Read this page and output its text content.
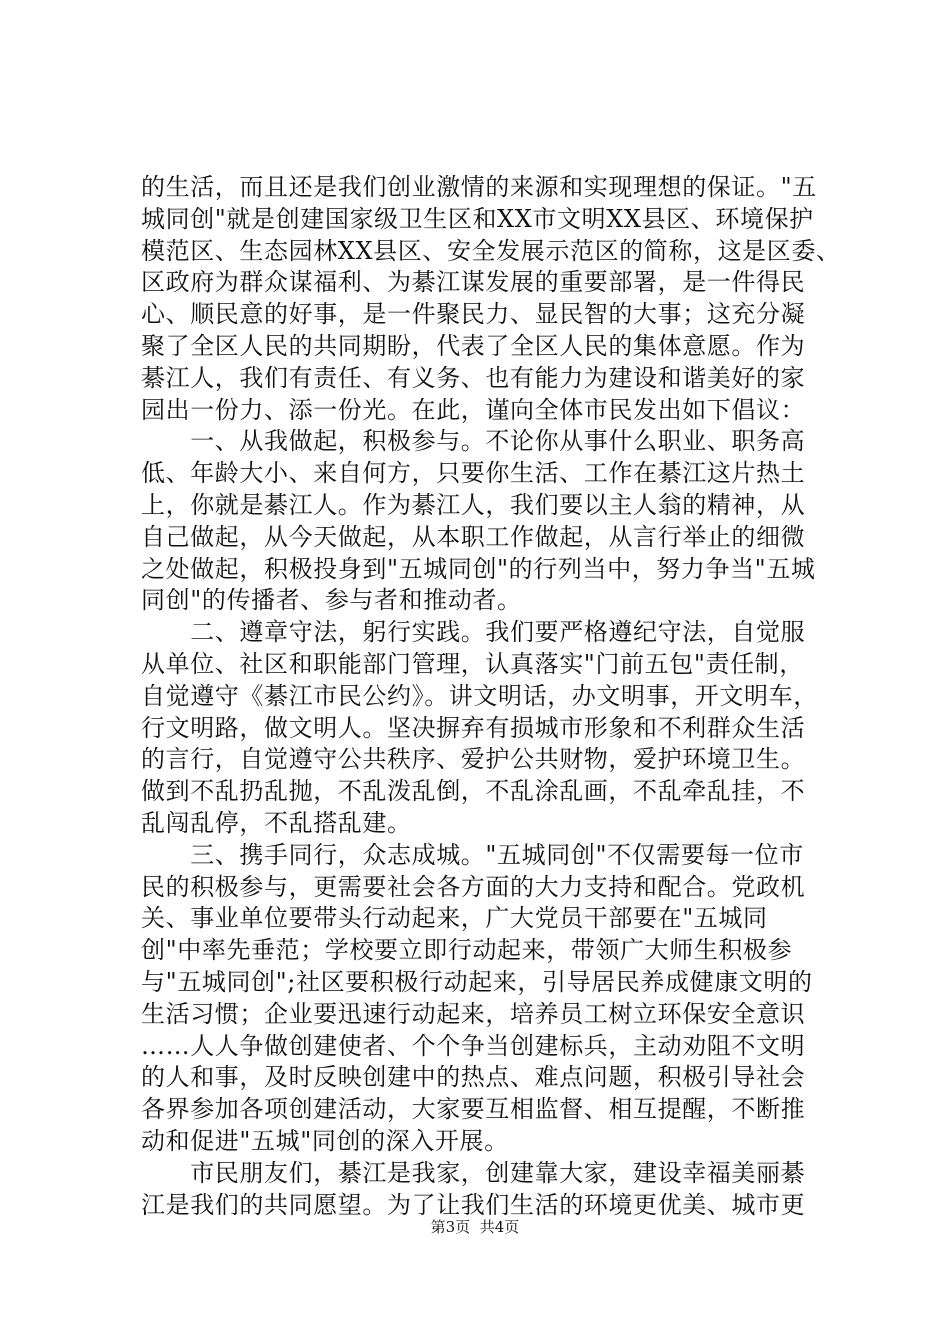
的生活，而且还是我们创业激情的来源和实现理想的保证。"五
城同创"就是创建国家级卫生区和XX市文明XX县区、环境保护
模范区、生态园林XX县区、安全发展示范区的简称，这是区委、
区政府为群众谋福利、为綦江谋发展的重要部署，是一件得民
心、顺民意的好事，是一件聚民力、显民智的大事；这充分凝
聚了全区人民的共同期盼，代表了全区人民的集体意愿。作为
綦江人，我们有责任、有义务、也有能力为建设和谐美好的家
园出一份力、添一份光。在此，谨向全体市民发出如下倡议：
　　一、从我做起，积极参与。不论你从事什么职业、职务高
低、年龄大小、来自何方，只要你生活、工作在綦江这片热土
上，你就是綦江人。作为綦江人，我们要以主人翁的精神，从
自己做起，从今天做起，从本职工作做起，从言行举止的细微
之处做起，积极投身到"五城同创"的行列当中，努力争当"五城
同创"的传播者、参与者和推动者。
　　二、遵章守法，躬行实践。我们要严格遵纪守法，自觉服
从单位、社区和职能部门管理，认真落实"门前五包"责任制，
自觉遵守《綦江市民公约》。讲文明话，办文明事，开文明车，
行文明路，做文明人。坚决摒弃有损城市形象和不利群众生活
的言行，自觉遵守公共秩序、爱护公共财物，爱护环境卫生。
做到不乱扔乱抛，不乱泼乱倒，不乱涂乱画，不乱牵乱挂，不
乱闯乱停，不乱搭乱建。
　　三、携手同行，众志成城。"五城同创"不仅需要每一位市
民的积极参与，更需要社会各方面的大力支持和配合。党政机
关、事业单位要带头行动起来，广大党员干部要在"五城同
创"中率先垂范；学校要立即行动起来，带领广大师生积极参
与"五城同创";社区要积极行动起来，引导居民养成健康文明的
生活习惯；企业要迅速行动起来，培养员工树立环保安全意识
……人人争做创建使者、个个争当创建标兵，主动劝阻不文明
的人和事，及时反映创建中的热点、难点问题，积极引导社会
各界参加各项创建活动，大家要互相监督、相互提醒，不断推
动和促进"五城"同创的深入开展。
　　市民朋友们，綦江是我家，创建靠大家，建设幸福美丽綦
江是我们的共同愿望。为了让我们生活的环境更优美、城市更
第3页 共4页
